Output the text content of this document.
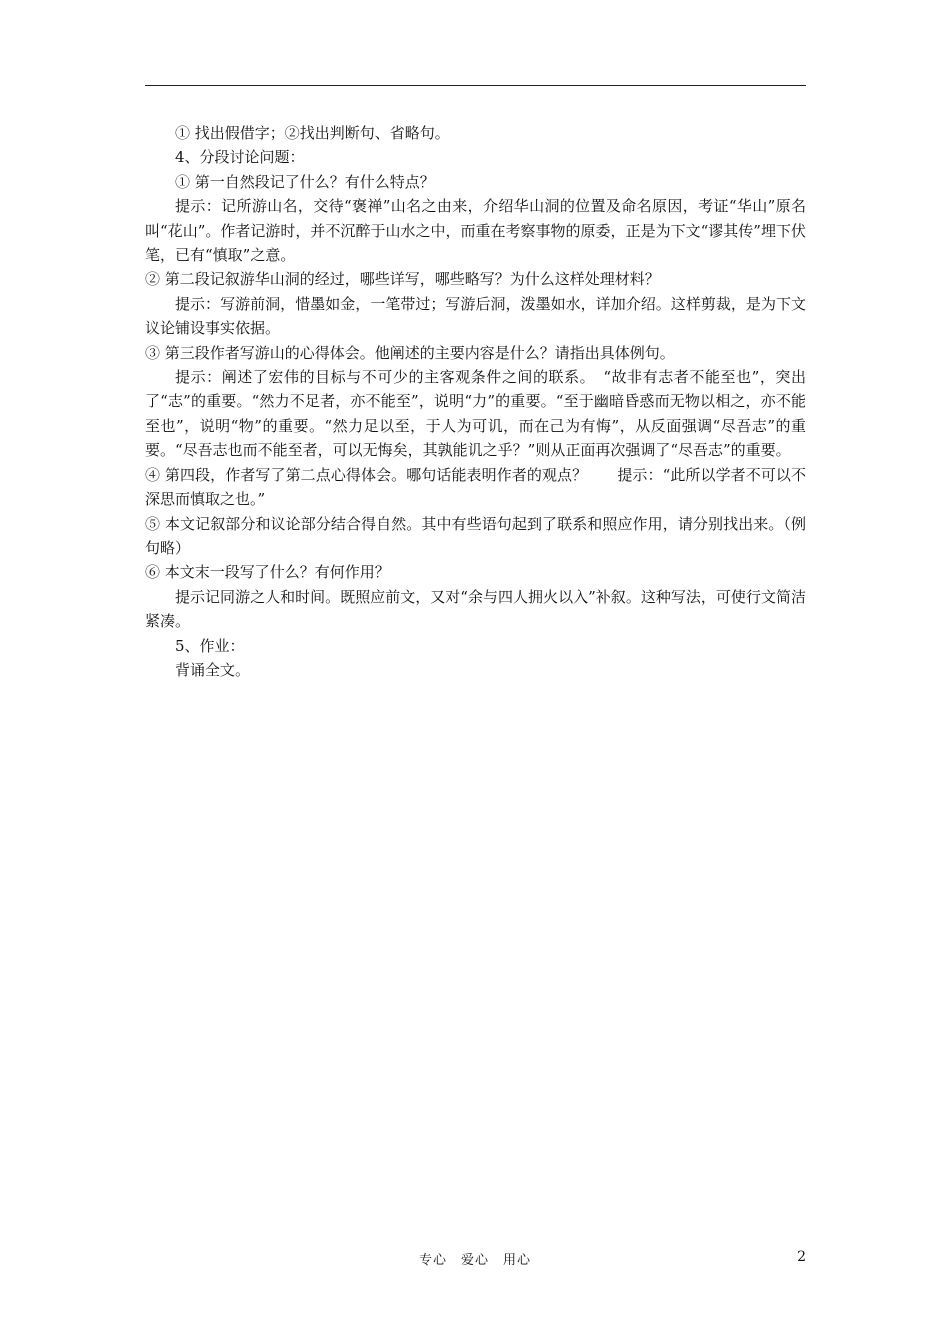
① 找出假借字；②找出判断句、省略句。

4、分段讨论问题：

① 第一自然段记了什么？有什么特点？

提示：记所游山名，交待“褒禅”山名之由来，介绍华山洞的位置及命名原因，考证“华山”原名叫“花山”。作者记游时，并不沉醉于山水之中，而重在考察事物的原委，正是为下文“谬其传”埋下伏笔，已有“慎取”之意。

② 第二段记叙游华山洞的经过，哪些详写，哪些略写？为什么这样处理材料？

提示：写游前洞，惜墨如金，一笔带过；写游后洞，泼墨如水，详加介绍。这样剪裁，是为下文议论铺设事实依据。

③ 第三段作者写游山的心得体会。他阐述的主要内容是什么？请指出具体例句。

提示：阐述了宏伟的目标与不可少的主客观条件之间的联系。　“故非有志者不能至也”，突出了“志”的重要。“然力不足者，亦不能至”，说明“力”的重要。“至于幽暗昏惑而无物以相之，亦不能至也”，说明“物”的重要。“然力足以至，于人为可讥，而在己为有悔”，从反面强调“尽吾志”的重要。“尽吾志也而不能至者，可以无悔矣，其孰能讥之乎？”则从正面再次强调了“尽吾志”的重要。

④ 第四段，作者写了第二点心得体会。哪句话能表明作者的观点？　　提示：“此所以学者不可以不深思而慎取之也。”

⑤ 本文记叙部分和议论部分结合得自然。其中有些语句起到了联系和照应作用，请分别找出来。（例句略）

⑥ 本文末一段写了什么？有何作用？

提示记同游之人和时间。既照应前文，又对“余与四人拥火以入”补叙。这种写法，可使行文简洁紧凑。

5、作业：

背诵全文。

专心　爱心　用心	2
